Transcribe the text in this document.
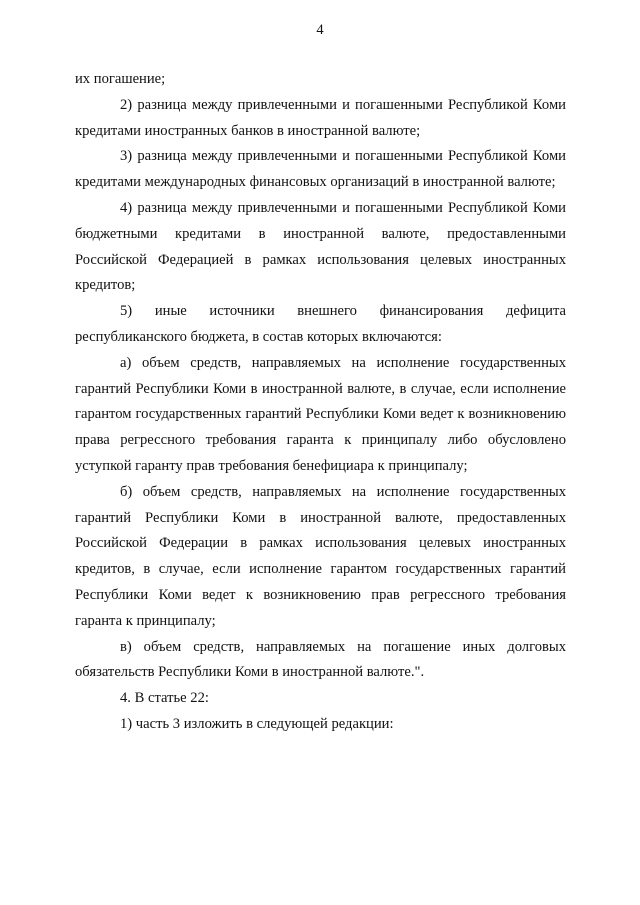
4

их погашение;

2) разница между привлеченными и погашенными Республикой Коми кредитами иностранных банков в иностранной валюте;

3) разница между привлеченными и погашенными Республикой Коми кредитами международных финансовых организаций в иностранной валюте;

4) разница между привлеченными и погашенными Республикой Коми бюджетными кредитами в иностранной валюте, предоставленными Российской Федерацией в рамках использования целевых иностранных кредитов;

5) иные источники внешнего финансирования дефицита республиканского бюджета, в состав которых включаются:

а) объем средств, направляемых на исполнение государственных гарантий Республики Коми в иностранной валюте, в случае, если исполнение гарантом государственных гарантий Республики Коми ведет к возникновению права регрессного требования гаранта к принципалу либо обусловлено уступкой гаранту прав требования бенефициара к принципалу;

б) объем средств, направляемых на исполнение государственных гарантий Республики Коми в иностранной валюте, предоставленных Российской Федерации в рамках использования целевых иностранных кредитов, в случае, если исполнение гарантом государственных гарантий Республики Коми ведет к возникновению прав регрессного требования гаранта к принципалу;

в) объем средств, направляемых на погашение иных долговых обязательств Республики Коми в иностранной валюте.".

4. В статье 22:

1) часть 3 изложить в следующей редакции:
